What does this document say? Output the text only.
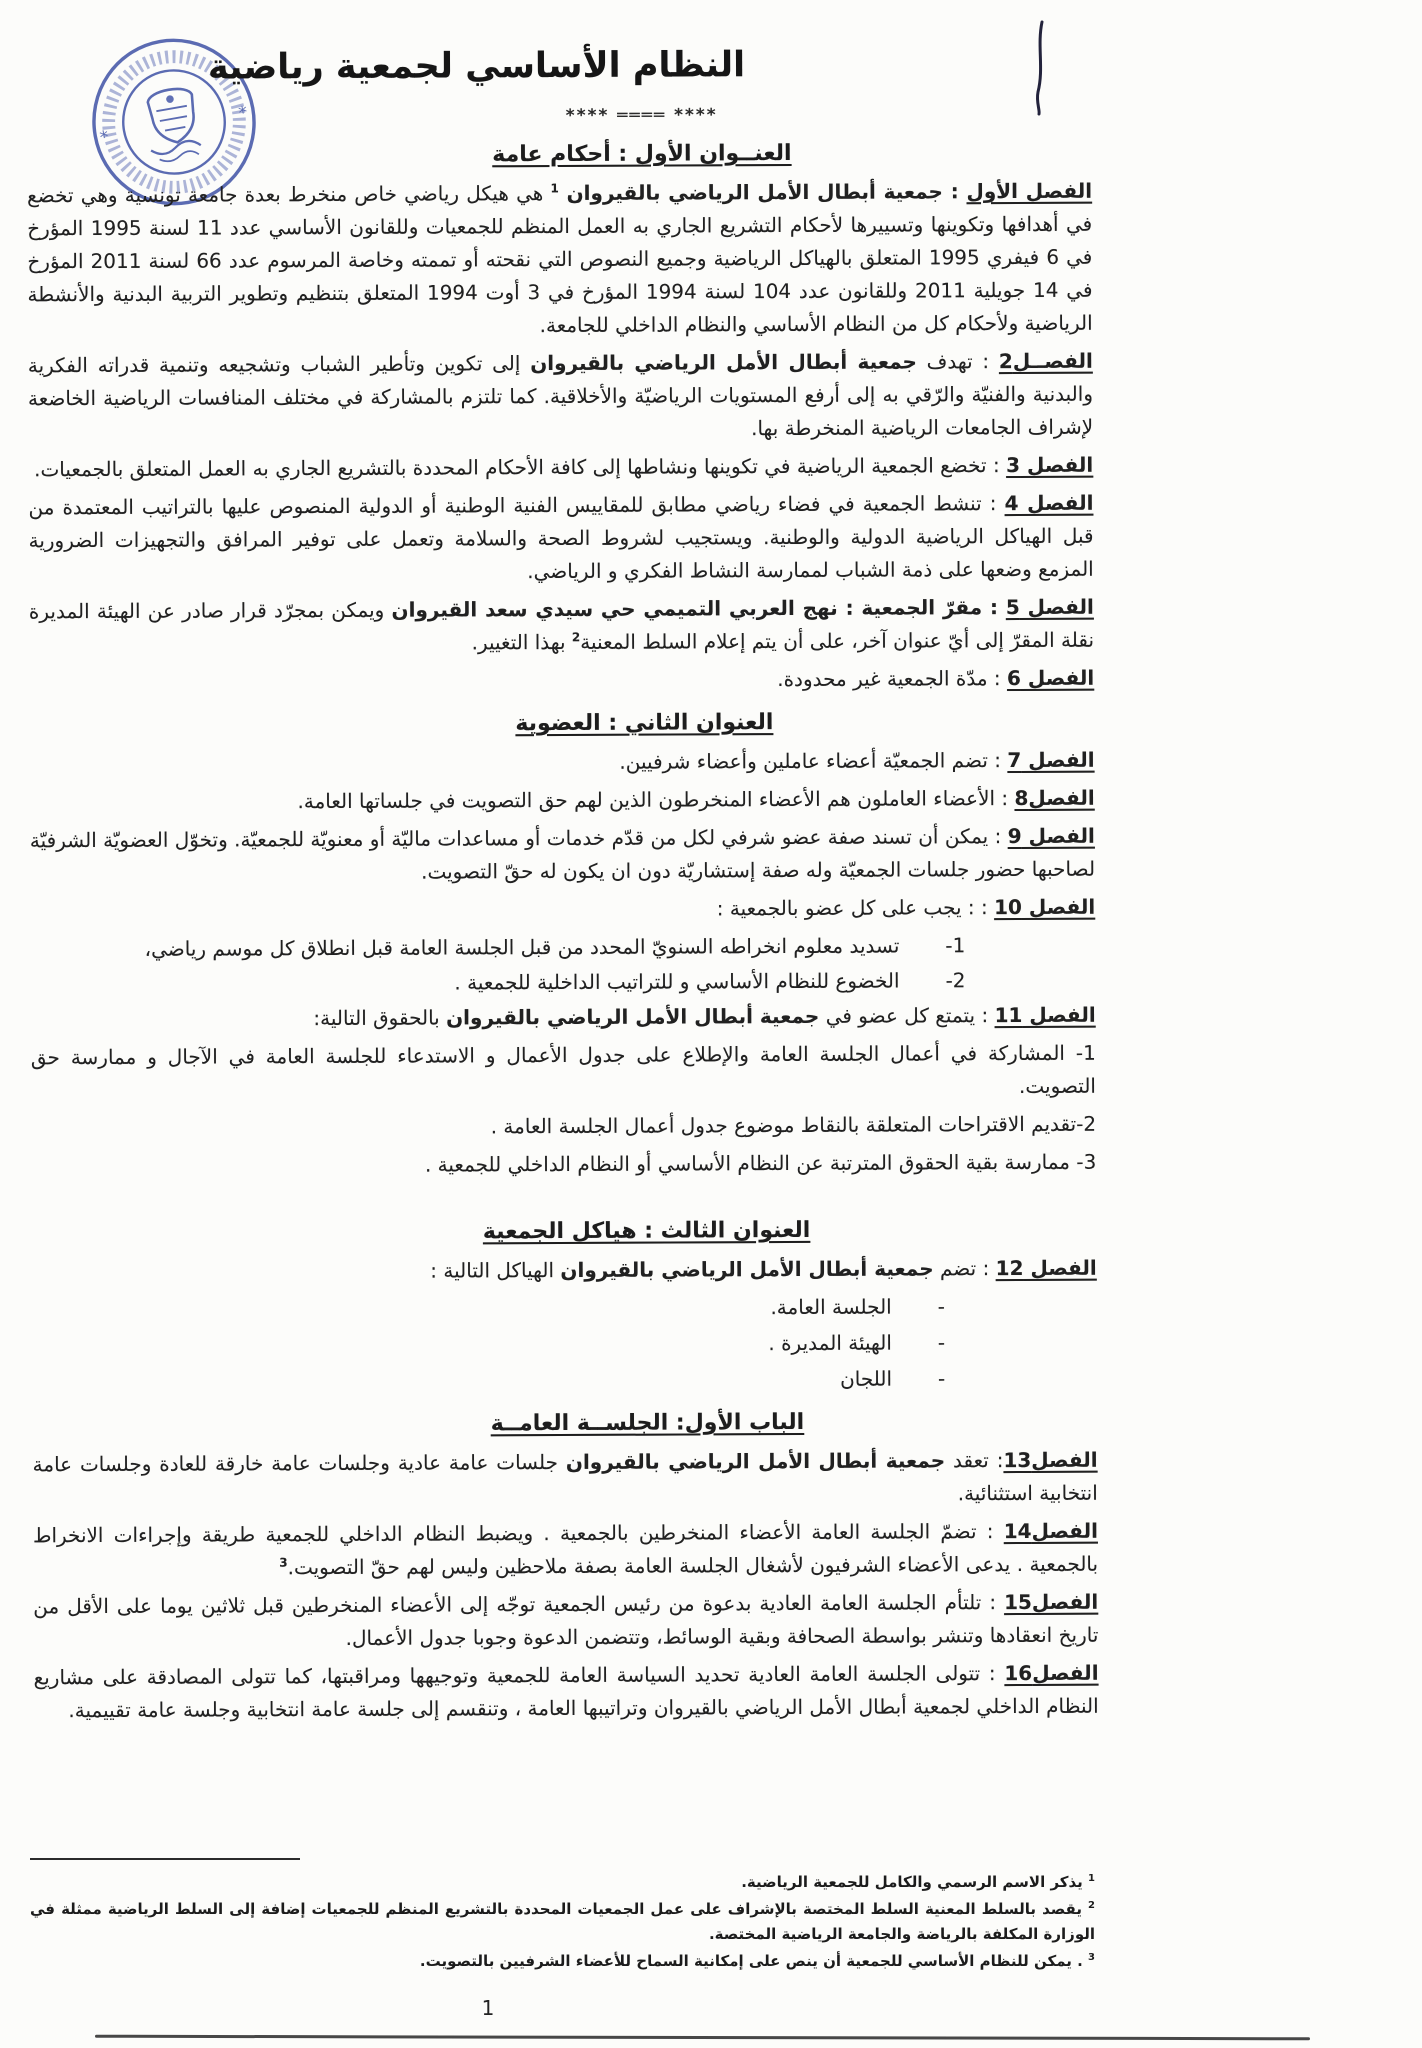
*
*
النظام الأساسي لجمعية رياضية
**** ════ ****
العنــوان الأول : أحكام عامة

الفصل الأول : جمعية أبطال الأمل الرياضي بالقيروان $^1$ هي هيكل رياضي خاص منخرط بعدة جامعة تونسية وهي تخضع في أهدافها وتكوينها وتسييرها لأحكام التشريع الجاري به العمل المنظم للجمعيات وللقانون الأساسي عدد 11 لسنة 1995 المؤرخ في 6 فيفري 1995 المتعلق بالهياكل الرياضية وجميع النصوص التي نقحته أو تممته وخاصة المرسوم عدد 66 لسنة 2011 المؤرخ في 14 جويلية 2011 وللقانون عدد 104 لسنة 1994 المؤرخ في 3 أوت 1994 المتعلق بتنظيم وتطوير التربية البدنية والأنشطة الرياضية ولأحكام كل من النظام الأساسي والنظام الداخلي للجامعة.

الفصــل2 : تهدف جمعية أبطال الأمل الرياضي بالقيروان إلى تكوين وتأطير الشباب وتشجيعه وتنمية قدراته الفكرية والبدنية والفنيّة والرّقي به إلى أرفع المستويات الرياضيّة والأخلاقية. كما تلتزم بالمشاركة في مختلف المنافسات الرياضية الخاضعة لإشراف الجامعات الرياضية المنخرطة بها.

الفصل 3 : تخضع الجمعية الرياضية في تكوينها ونشاطها إلى كافة الأحكام المحددة بالتشريع الجاري به العمل المتعلق بالجمعيات.

الفصل 4 : تنشط الجمعية في فضاء رياضي مطابق للمقاييس الفنية الوطنية أو الدولية المنصوص عليها بالتراتيب المعتمدة من قبل الهياكل الرياضية الدولية والوطنية. ويستجيب لشروط الصحة والسلامة وتعمل على توفير المرافق والتجهيزات الضرورية المزمع وضعها على ذمة الشباب لممارسة النشاط الفكري و الرياضي.

الفصل 5 : مقرّ الجمعية : نهج العربي التميمي حي سيدي سعد القيروان ويمكن بمجرّد قرار صادر عن الهيئة المديرة نقلة المقرّ إلى أيّ عنوان آخر، على أن يتم إعلام السلط المعنية$^2$ بهذا التغيير.

الفصل 6 : مدّة الجمعية غير محدودة.

العنوان الثاني : العضوية

الفصل 7 : تضم الجمعيّة أعضاء عاملين وأعضاء شرفيين.

الفصل8 : الأعضاء العاملون هم الأعضاء المنخرطون الذين لهم حق التصويت في جلساتها العامة.

الفصل 9 : يمكن أن تسند صفة عضو شرفي لكل من قدّم خدمات أو مساعدات ماليّة أو معنويّة للجمعيّة. وتخوّل العضويّة الشرفيّة لصاحبها حضور جلسات الجمعيّة وله صفة إستشاريّة دون ان يكون له حقّ التصويت.

الفصل 10 : : يجب على كل عضو بالجمعية :

1-تسديد معلوم انخراطه السنويّ المحدد من قبل الجلسة العامة قبل انطلاق كل موسم رياضي،

2-الخضوع للنظام الأساسي و للتراتيب الداخلية للجمعية .

الفصل 11 : يتمتع كل عضو في جمعية أبطال الأمل الرياضي بالقيروان بالحقوق التالية:

1- المشاركة في أعمال الجلسة العامة والإطلاع على جدول الأعمال و الاستدعاء للجلسة العامة في الآجال و ممارسة حق التصويت.

2-تقديم الاقتراحات المتعلقة بالنقاط موضوع جدول أعمال الجلسة العامة .

3- ممارسة بقية الحقوق المترتبة عن النظام الأساسي أو النظام الداخلي للجمعية .

العنوان الثالث : هياكل الجمعية

الفصل 12 : تضم جمعية أبطال الأمل الرياضي بالقيروان الهياكل التالية :

-الجلسة العامة.

-الهيئة المديرة .

-اللجان

الباب الأول: الجلســة العامــة

الفصل13: تعقد جمعية أبطال الأمل الرياضي بالقيروان جلسات عامة عادية وجلسات عامة خارقة للعادة وجلسات عامة انتخابية استثنائية.

الفصل14 : تضمّ الجلسة العامة الأعضاء المنخرطين بالجمعية . ويضبط النظام الداخلي للجمعية طريقة وإجراءات الانخراط بالجمعية . يدعى الأعضاء الشرفيون لأشغال الجلسة العامة بصفة ملاحظين وليس لهم حقّ التصويت.$^3$

الفصل15 : تلتأم الجلسة العامة العادية بدعوة من رئيس الجمعية توجّه إلى الأعضاء المنخرطين قبل ثلاثين يوما على الأقل من تاريخ انعقادها وتنشر بواسطة الصحافة وبقية الوسائط، وتتضمن الدعوة وجوبا جدول الأعمال.

الفصل16 : تتولى الجلسة العامة العادية تحديد السياسة العامة للجمعية وتوجيهها ومراقبتها، كما تتولى المصادقة على مشاريع النظام الداخلي لجمعية أبطال الأمل الرياضي بالقيروان وتراتيبها العامة ، وتنقسم إلى جلسة عامة انتخابية وجلسة عامة تقييمية.

$^1$ يذكر الاسم الرسمي والكامل للجمعية الرياضية.

$^2$ يقصد بالسلط المعنية السلط المختصة بالإشراف على عمل الجمعيات المحددة بالتشريع المنظم للجمعيات إضافة إلى السلط الرياضية ممثلة في الوزارة المكلفة بالرياضة والجامعة الرياضية المختصة.

$^3$ . يمكن للنظام الأساسي للجمعية أن ينص على إمكانية السماح للأعضاء الشرفيين بالتصويت.

1
